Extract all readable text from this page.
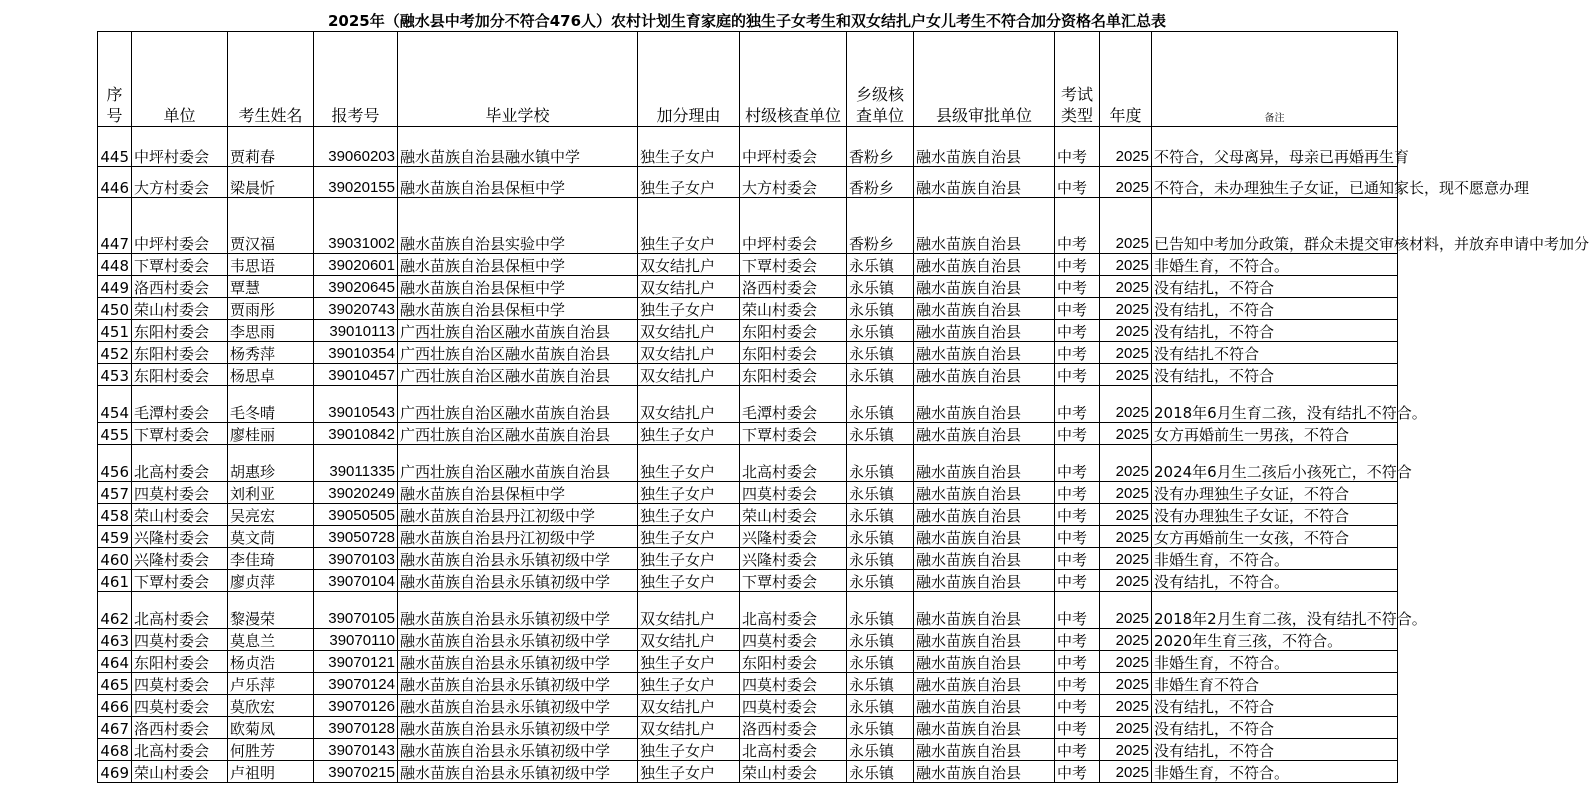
2025年（融水县中考加分不符合476人）农村计划生育家庭的独生子女考生和双女结扎户女儿考生不符合加分资格名单汇总表
序号	单位	考生姓名	报考号	毕业学校	加分理由	村级核查单位	乡级核查单位	县级审批单位	考试类型	年度	备注
445	中坪村委会	贾莉春	39060203	融水苗族自治县融水镇中学	独生子女户	中坪村委会	香粉乡	融水苗族自治县	中考	2025	不符合，父母离异，母亲已再婚再生育
446	大方村委会	梁晨忻	39020155	融水苗族自治县保桓中学	独生子女户	大方村委会	香粉乡	融水苗族自治县	中考	2025	不符合，未办理独生子女证，已通知家长，现不愿意办理
447	中坪村委会	贾汉福	39031002	融水苗族自治县实验中学	独生子女户	中坪村委会	香粉乡	融水苗族自治县	中考	2025	已告知中考加分政策，群众未提交审核材料，并放弃申请中考加分
448	下覃村委会	韦思语	39020601	融水苗族自治县保桓中学	双女结扎户	下覃村委会	永乐镇	融水苗族自治县	中考	2025	非婚生育，不符合。
449	洛西村委会	覃慧	39020645	融水苗族自治县保桓中学	双女结扎户	洛西村委会	永乐镇	融水苗族自治县	中考	2025	没有结扎，不符合
450	荣山村委会	贾雨彤	39020743	融水苗族自治县保桓中学	独生子女户	荣山村委会	永乐镇	融水苗族自治县	中考	2025	没有结扎，不符合
451	东阳村委会	李思雨	39010113	广西壮族自治区融水苗族自治县	双女结扎户	东阳村委会	永乐镇	融水苗族自治县	中考	2025	没有结扎，不符合
452	东阳村委会	杨秀萍	39010354	广西壮族自治区融水苗族自治县	双女结扎户	东阳村委会	永乐镇	融水苗族自治县	中考	2025	没有结扎不符合
453	东阳村委会	杨思卓	39010457	广西壮族自治区融水苗族自治县	双女结扎户	东阳村委会	永乐镇	融水苗族自治县	中考	2025	没有结扎，不符合
454	毛潭村委会	毛冬晴	39010543	广西壮族自治区融水苗族自治县	双女结扎户	毛潭村委会	永乐镇	融水苗族自治县	中考	2025	2018年6月生育二孩，没有结扎不符合。
455	下覃村委会	廖桂丽	39010842	广西壮族自治区融水苗族自治县	独生子女户	下覃村委会	永乐镇	融水苗族自治县	中考	2025	女方再婚前生一男孩，不符合
456	北高村委会	胡惠珍	39011335	广西壮族自治区融水苗族自治县	独生子女户	北高村委会	永乐镇	融水苗族自治县	中考	2025	2024年6月生二孩后小孩死亡，不符合
457	四莫村委会	刘利亚	39020249	融水苗族自治县保桓中学	独生子女户	四莫村委会	永乐镇	融水苗族自治县	中考	2025	没有办理独生子女证，不符合
458	荣山村委会	吴亮宏	39050505	融水苗族自治县丹江初级中学	独生子女户	荣山村委会	永乐镇	融水苗族自治县	中考	2025	没有办理独生子女证，不符合
459	兴隆村委会	莫文茼	39050728	融水苗族自治县丹江初级中学	独生子女户	兴隆村委会	永乐镇	融水苗族自治县	中考	2025	女方再婚前生一女孩，不符合
460	兴隆村委会	李佳琦	39070103	融水苗族自治县永乐镇初级中学	独生子女户	兴隆村委会	永乐镇	融水苗族自治县	中考	2025	非婚生育，不符合。
461	下覃村委会	廖贞萍	39070104	融水苗族自治县永乐镇初级中学	独生子女户	下覃村委会	永乐镇	融水苗族自治县	中考	2025	没有结扎，不符合。
462	北高村委会	黎漫荣	39070105	融水苗族自治县永乐镇初级中学	双女结扎户	北高村委会	永乐镇	融水苗族自治县	中考	2025	2018年2月生育二孩，没有结扎不符合。
463	四莫村委会	莫息兰	39070110	融水苗族自治县永乐镇初级中学	双女结扎户	四莫村委会	永乐镇	融水苗族自治县	中考	2025	2020年生育三孩，不符合。
464	东阳村委会	杨贞浩	39070121	融水苗族自治县永乐镇初级中学	独生子女户	东阳村委会	永乐镇	融水苗族自治县	中考	2025	非婚生育，不符合。
465	四莫村委会	卢乐萍	39070124	融水苗族自治县永乐镇初级中学	独生子女户	四莫村委会	永乐镇	融水苗族自治县	中考	2025	非婚生育不符合
466	四莫村委会	莫欣宏	39070126	融水苗族自治县永乐镇初级中学	双女结扎户	四莫村委会	永乐镇	融水苗族自治县	中考	2025	没有结扎，不符合
467	洛西村委会	欧菊凤	39070128	融水苗族自治县永乐镇初级中学	双女结扎户	洛西村委会	永乐镇	融水苗族自治县	中考	2025	没有结扎，不符合
468	北高村委会	何胜芳	39070143	融水苗族自治县永乐镇初级中学	独生子女户	北高村委会	永乐镇	融水苗族自治县	中考	2025	没有结扎，不符合
469	荣山村委会	卢祖明	39070215	融水苗族自治县永乐镇初级中学	独生子女户	荣山村委会	永乐镇	融水苗族自治县	中考	2025	非婚生育，不符合。
